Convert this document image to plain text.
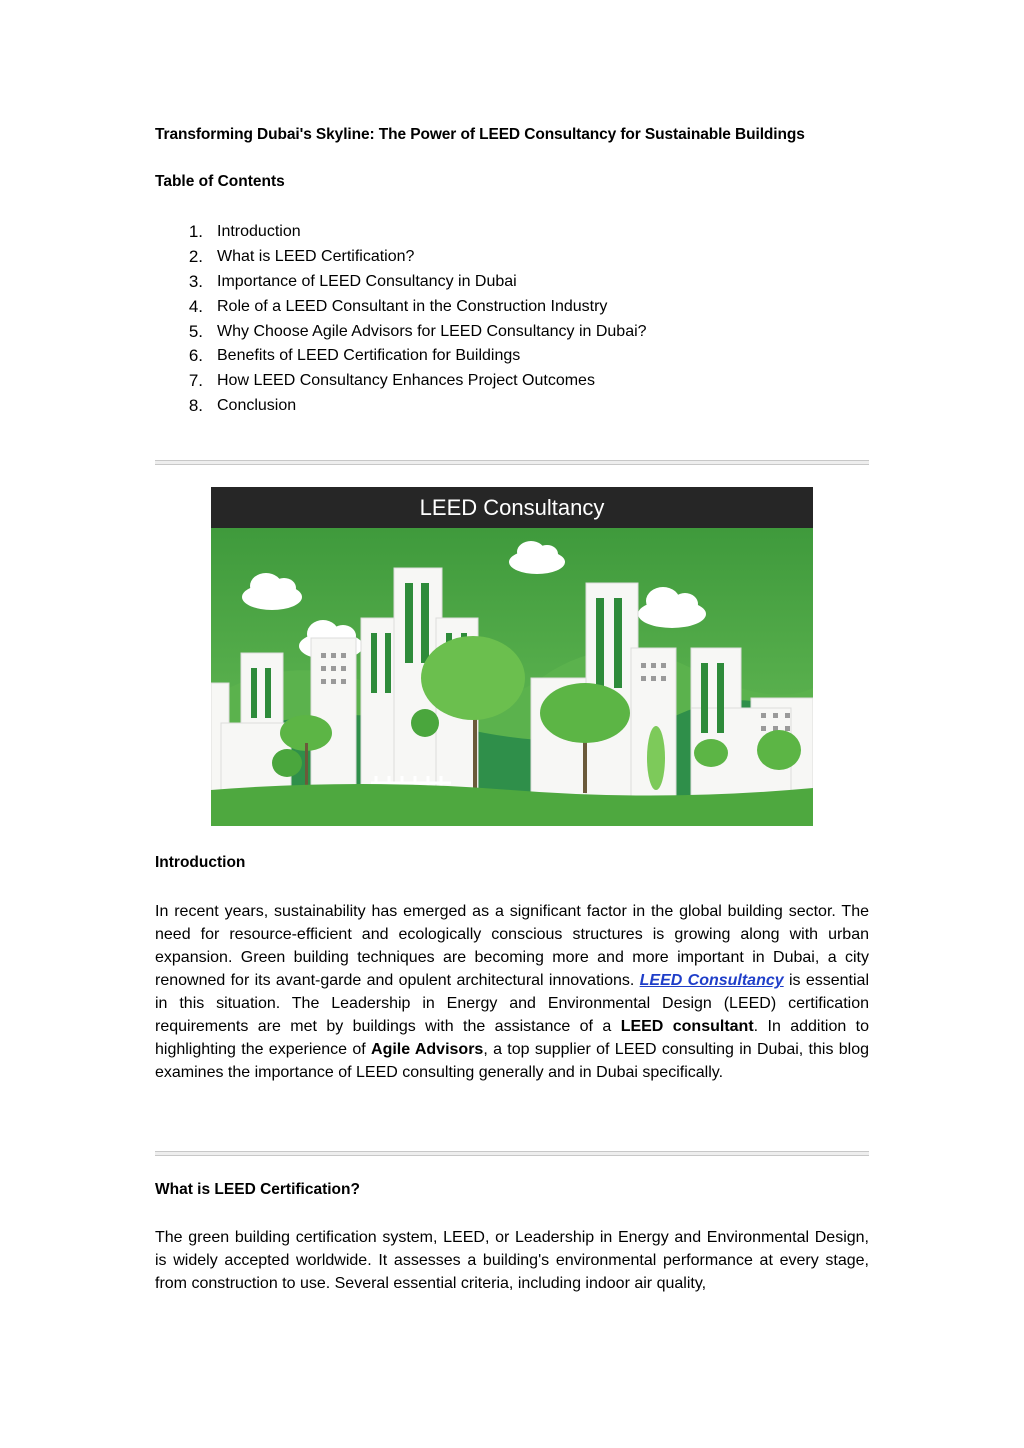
Transforming Dubai's Skyline: The Power of LEED Consultancy for Sustainable Buildings
Table of Contents
1. Introduction
2. What is LEED Certification?
3. Importance of LEED Consultancy in Dubai
4. Role of a LEED Consultant in the Construction Industry
5. Why Choose Agile Advisors for LEED Consultancy in Dubai?
6. Benefits of LEED Certification for Buildings
7. How LEED Consultancy Enhances Project Outcomes
8. Conclusion
LEED Consultancy
Introduction

In recent years, sustainability has emerged as a significant factor in the global building sector. The need for resource-efficient and ecologically conscious structures is growing along with urban expansion. Green building techniques are becoming more and more important in Dubai, a city renowned for its avant-garde and opulent architectural innovations. LEED Consultancy is essential in this situation. The Leadership in Energy and Environmental Design (LEED) certification requirements are met by buildings with the assistance of a LEED consultant. In addition to highlighting the experience of Agile Advisors, a top supplier of LEED consulting in Dubai, this blog examines the importance of LEED consulting generally and in Dubai specifically.

What is LEED Certification?

The green building certification system, LEED, or Leadership in Energy and Environmental Design, is widely accepted worldwide. It assesses a building's environmental performance at every stage, from construction to use. Several essential criteria, including indoor air quality,
